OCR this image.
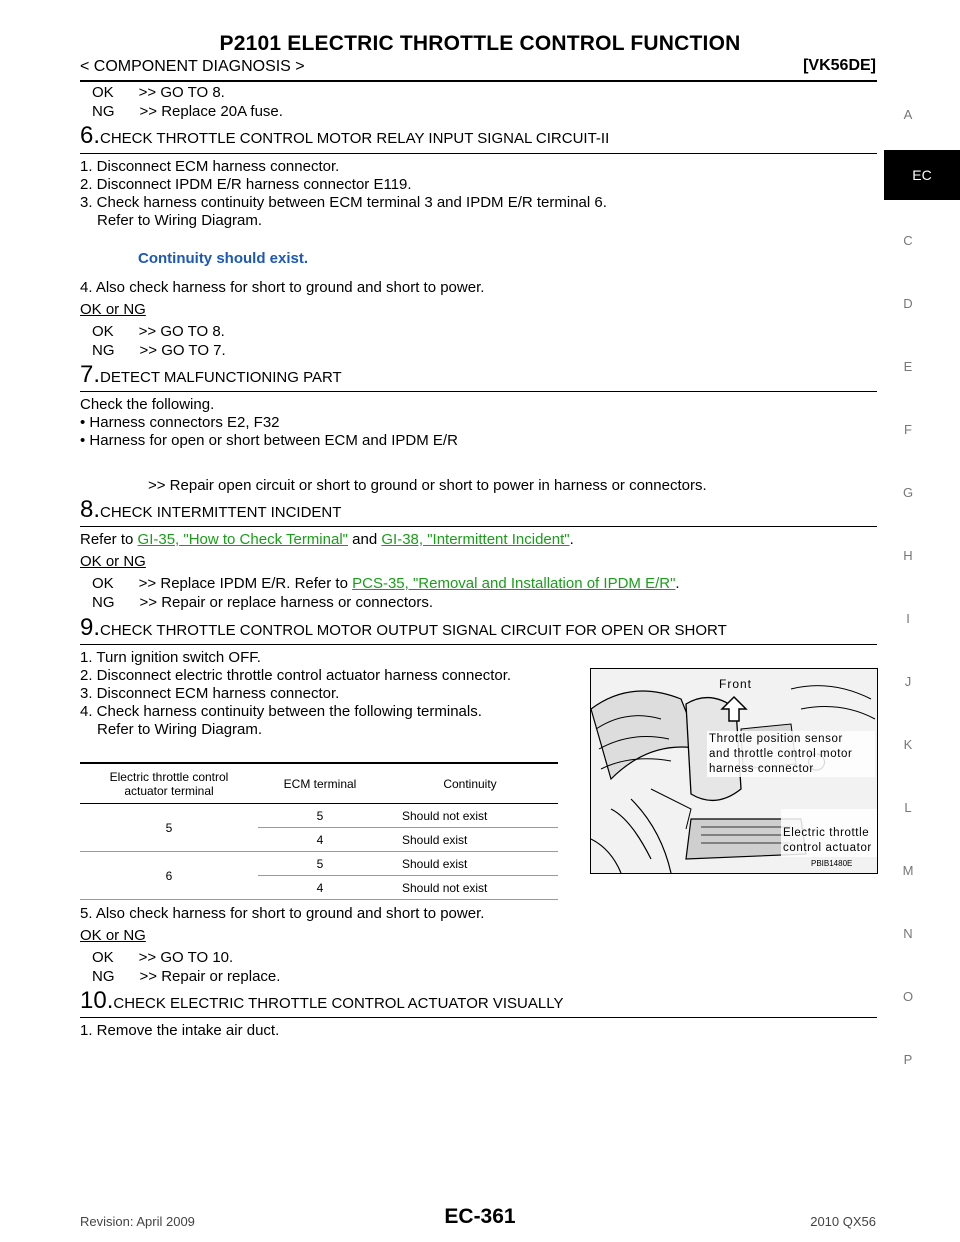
P2101 ELECTRIC THROTTLE CONTROL FUNCTION
< COMPONENT DIAGNOSIS >	[VK56DE]
A
EC
C
D
E
F
G
H
I
J
K
L
M
N
O
P
OK      >> GO TO 8.
NG      >> Replace 20A fuse.
6.CHECK THROTTLE CONTROL MOTOR RELAY INPUT SIGNAL CIRCUIT-II
1. Disconnect ECM harness connector.
2. Disconnect IPDM E/R harness connector E119.
3. Check harness continuity between ECM terminal 3 and IPDM E/R terminal 6.
Refer to Wiring Diagram.
Continuity should exist.
4. Also check harness for short to ground and short to power.
OK or NG
OK      >> GO TO 8.
NG      >> GO TO 7.
7.DETECT MALFUNCTIONING PART
Check the following.
• Harness connectors E2, F32
• Harness for open or short between ECM and IPDM E/R
>> Repair open circuit or short to ground or short to power in harness or connectors.
8.CHECK INTERMITTENT INCIDENT
Refer to GI-35, "How to Check Terminal" and GI-38, "Intermittent Incident".
OK or NG
OK      >> Replace IPDM E/R. Refer to PCS-35, "Removal and Installation of IPDM E/R".
NG      >> Repair or replace harness or connectors.
9.CHECK THROTTLE CONTROL MOTOR OUTPUT SIGNAL CIRCUIT FOR OPEN OR SHORT
1. Turn ignition switch OFF.
2. Disconnect electric throttle control actuator harness connector.
3. Disconnect ECM harness connector.
4. Check harness continuity between the following terminals.
Refer to Wiring Diagram.
Electric throttle control
actuator terminal	ECM terminal	Continuity
5	5	Should not exist
	4	Should exist
6	5	Should exist
	4	Should not exist
Front
Throttle position sensor
and throttle control motor
harness connector
Electric throttle
control actuator
PBIB1480E
5. Also check harness for short to ground and short to power.
OK or NG
OK      >> GO TO 10.
NG      >> Repair or replace.
10.CHECK ELECTRIC THROTTLE CONTROL ACTUATOR VISUALLY
1. Remove the intake air duct.
Revision: April 2009	EC-361	2010 QX56
